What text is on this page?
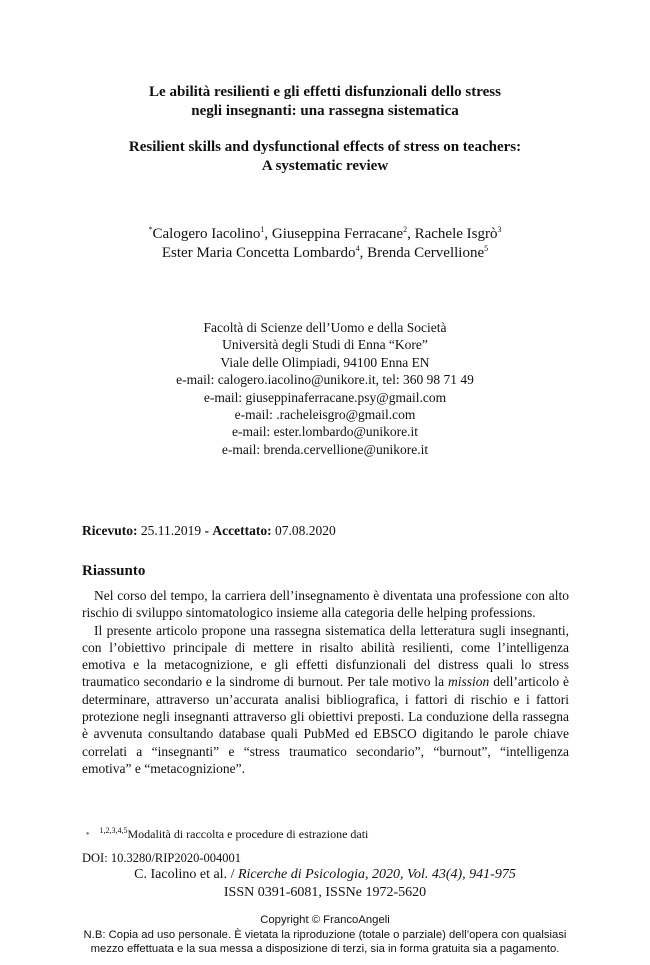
Le abilità resilienti e gli effetti disfunzionali dello stress
negli insegnanti: una rassegna sistematica
Resilient skills and dysfunctional effects of stress on teachers:
A systematic review
*Calogero Iacolino$^1$, Giuseppina Ferracane$^2$, Rachele Isgrò$^3$
Ester Maria Concetta Lombardo$^4$, Brenda Cervellione$^5$
Facoltà di Scienze dell’Uomo e della Società
Università degli Studi di Enna “Kore”
Viale delle Olimpiadi, 94100 Enna EN
e-mail: calogero.iacolino@unikore.it, tel: 360 98 71 49
e-mail: giuseppinaferracane.psy@gmail.com
e-mail: .racheleisgro@gmail.com
e-mail: ester.lombardo@unikore.it
e-mail: brenda.cervellione@unikore.it
Ricevuto: 25.11.2019 - Accettato: 07.08.2020
Riassunto

Nel corso del tempo, la carriera dell’insegnamento è diventata una professione con alto rischio di sviluppo sintomatologico insieme alla categoria delle helping professions.

Il presente articolo propone una rassegna sistematica della letteratura sugli insegnanti, con l’obiettivo principale di mettere in risalto abilità resilienti, come l’intelligenza emotiva e la metacognizione, e gli effetti disfunzionali del distress quali lo stress traumatico secondario e la sindrome di burnout. Per tale motivo la mission dell’articolo è determinare, attraverso un’accurata analisi bibliografica, i fattori di rischio e i fattori protezione negli insegnanti attraverso gli obiettivi preposti. La conduzione della rassegna è avvenuta consultando database quali PubMed ed EBSCO digitando le parole chiave correlati a “insegnanti” e “stress traumatico secondario”, “burnout”, “intelligenza emotiva” e “metacognizione”.

*$^{1,2,3,4,5}$Modalità di raccolta e procedure di estrazione dati
DOI: 10.3280/RIP2020-004001
C. Iacolino et al. / Ricerche di Psicologia, 2020, Vol. 43(4), 941-975
ISSN 0391-6081, ISSNe 1972-5620
Copyright © FrancoAngeli
N.B: Copia ad uso personale. È vietata la riproduzione (totale o parziale) dell’opera con qualsiasi
mezzo effettuata e la sua messa a disposizione di terzi, sia in forma gratuita sia a pagamento.
